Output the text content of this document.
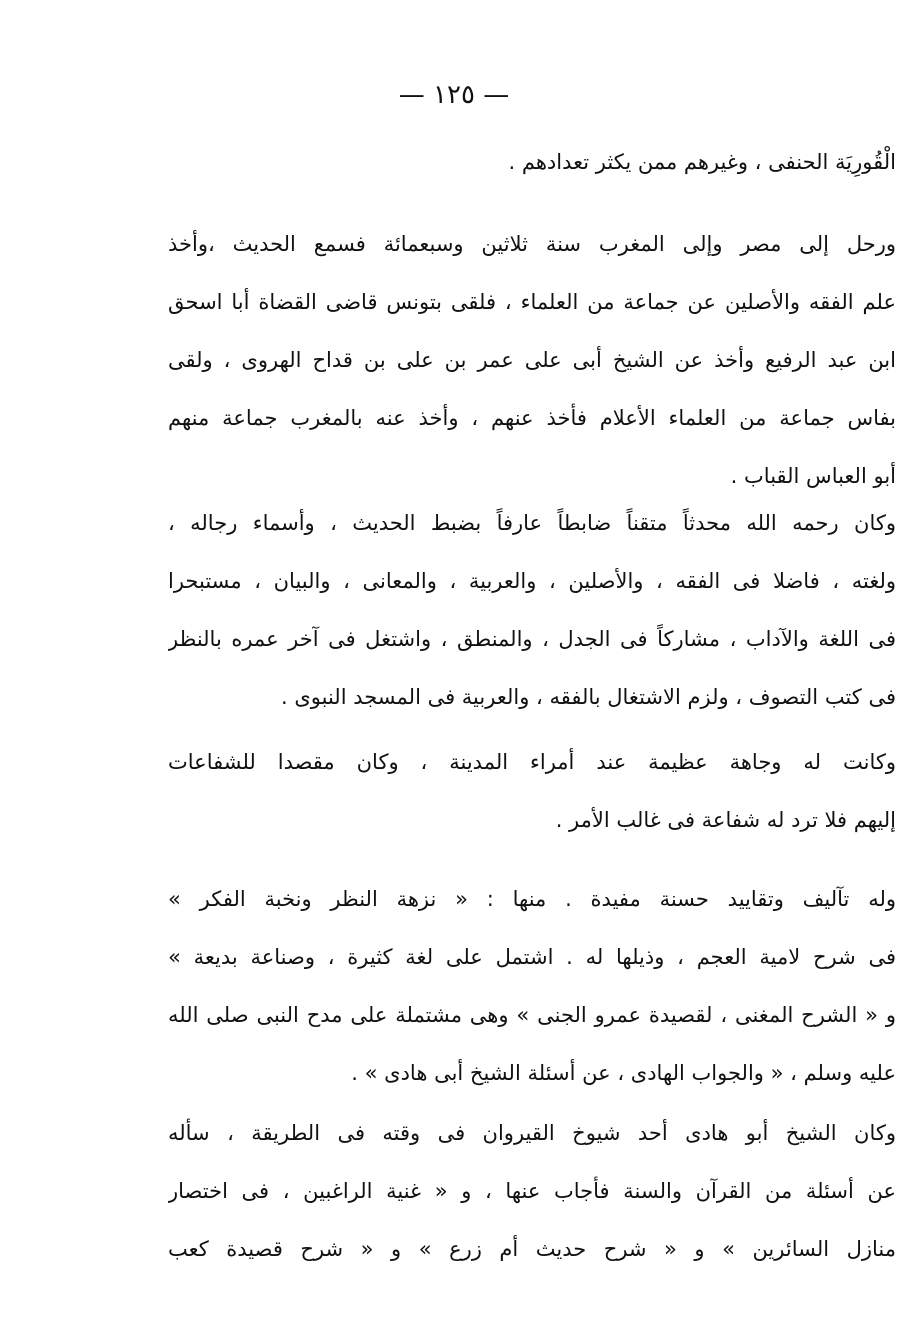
— ١٢٥ —
الْقُورِيَة الحنفى ، وغيرهم ممن يكثر تعدادهم .
ورحل إلى مصر وإلى المغرب سنة ثلاثين وسبعمائة فسمع الحديث ،وأخذ
علم الفقه والأصلين عن جماعة من العلماء ، فلقى بتونس قاضى القضاة أبا اسحق
ابن عبد الرفيع وأخذ عن الشيخ أبى على عمر بن على بن قداح الهروى ، ولقى
بفاس جماعة من العلماء الأعلام فأخذ عنهم ، وأخذ عنه بالمغرب جماعة منهم
أبو العباس القباب .
وكان رحمه الله محدثاً متقناً ضابطاً عارفاً بضبط الحديث ، وأسماء رجاله ،
ولغته ، فاضلا فى الفقه ، والأصلين ، والعربية ، والمعانى ، والبيان ، مستبحرا
فى اللغة والآداب ، مشاركاً فى الجدل ، والمنطق ، واشتغل فى آخر عمره بالنظر
فى كتب التصوف ، ولزم الاشتغال بالفقه ، والعربية فى المسجد النبوى .
وكانت له وجاهة عظيمة عند أمراء المدينة ، وكان مقصدا للشفاعات
إليهم فلا ترد له شفاعة فى غالب الأمر .
وله تآليف وتقاييد حسنة مفيدة . منها : « نزهة النظر ونخبة الفكر »
فى شرح لامية العجم ، وذيلها له . اشتمل على لغة كثيرة ، وصناعة بديعة »
و « الشرح المغنى ، لقصيدة عمرو الجنى » وهى مشتملة على مدح النبى صلى الله
عليه وسلم ، « والجواب الهادى ، عن أسئلة الشيخ أبى هادى » .
وكان الشيخ أبو هادى أحد شيوخ القيروان فى وقته فى الطريقة ، سأله
عن أسئلة من القرآن والسنة فأجاب عنها ، و « غنية الراغبين ، فى اختصار
منازل السائرين » و « شرح حديث أم زرع » و « شرح قصيدة كعب
